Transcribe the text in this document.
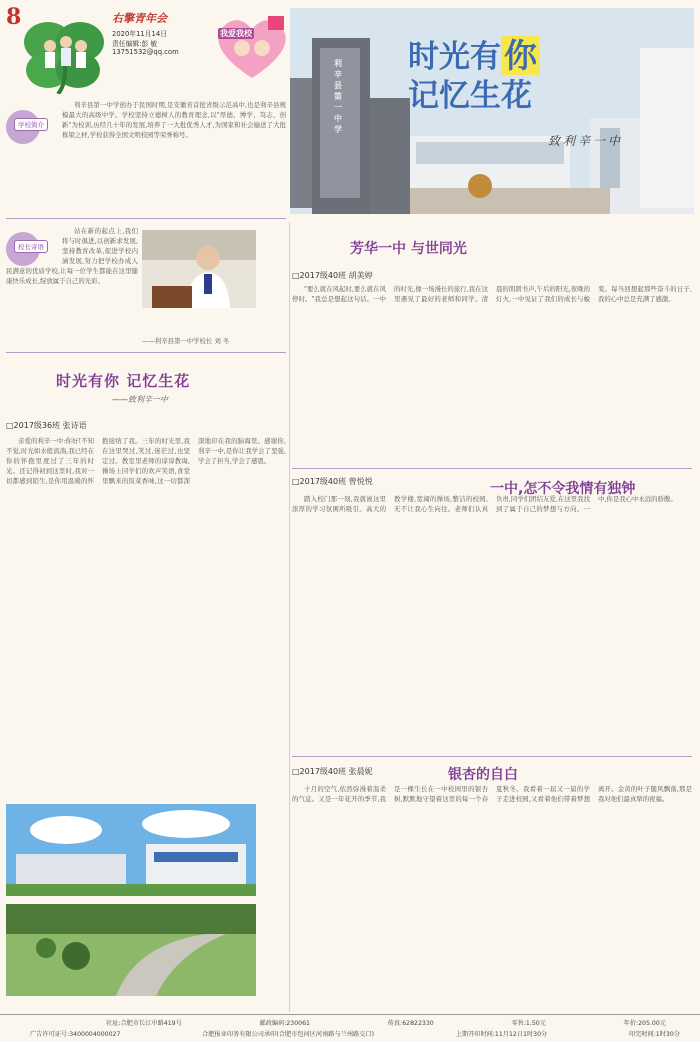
8	右擎青年会
2020年11月14日
责任编辑:彭 敏
13751532@qq.com
我爱我校
利辛县第一中学
时光有你
记忆生花
致利辛一中
学校简介

利辛县第一中学创办于民国时期,是安徽省首批省级示范高中,也是利辛县规模最大的高级中学。学校坚持立德树人的教育理念,以"厚德、博学、笃志、创新"为校训,历经几十年的发展,培养了一大批优秀人才,为国家和社会输送了大批栋梁之材,学校获得全国文明校园等荣誉称号。

校长寄语

站在新的起点上,我们将与时俱进,以创新求发展,坚持教育改革,促进学校内涵发展,努力把学校办成人民满意的优质学校,让每一位学生都能在这里健康快乐成长,绽放属于自己的光彩。

——利辛县第一中学校长 刘 冬
时光有你 记忆生花
——致利辛一中
□2017级36班 张诗语

亲爱的利辛一中:你好!不知不觉,时光如水般流淌,我已经在你的怀抱里度过了三年的时光。还记得初到这里时,我对一切都感到陌生,是你用温暖的怀抱接纳了我。三年的时光里,我在这里哭过,笑过,迷茫过,也坚定过。教室里老师的谆谆教诲,操场上同学们的欢声笑语,食堂里飘来的饭菜香味,这一切都深深地印在我的脑海里。感谢你,利辛一中,是你让我学会了坚强,学会了担当,学会了感恩。

芳华一中 与世同光
□2017级40班 胡美婷

"要么就在风起时,要么就在风停时。"我总是想起这句话。一中的时光,像一场漫长的旅行,我在这里遇见了最好的老师和同学。清晨的朗朗书声,午后的阳光,夜晚的灯火,一中见证了我们的成长与蜕变。每当回想起那些奋斗的日子,我的心中总是充满了感激。

□2017级40班 曾悦悦	一中,怎不令我情有独钟

踏入校门那一刻,我就被这里浓厚的学习氛围所吸引。高大的教学楼,宽阔的操场,整洁的校园,无不让我心生向往。老师们认真负责,同学们团结友爱,在这里我找到了属于自己的梦想与方向。一中,你是我心中永远的骄傲。

□2017级40班 张晨妮	银杏的自白

十月的空气,依然弥漫着温柔的气息。又是一年花开的季节,我是一棵生长在一中校园里的银杏树,默默地守望着这里的每一个春夏秋冬。我看着一届又一届的学子走进校园,又看着他们带着梦想离开。金黄的叶子随风飘落,那是我对他们最真挚的祝福。

社址:合肥市长江中路419号	邮政编码:230061	传真:62822330	零售:1.50元	年价:205.00元
广告许可证号:3400004000027	合肥报业印务有限公司承印(合肥市包河区河南路与兰州路交口)	上期开印时间:11月12日1时30分	印完时间:1时30分
